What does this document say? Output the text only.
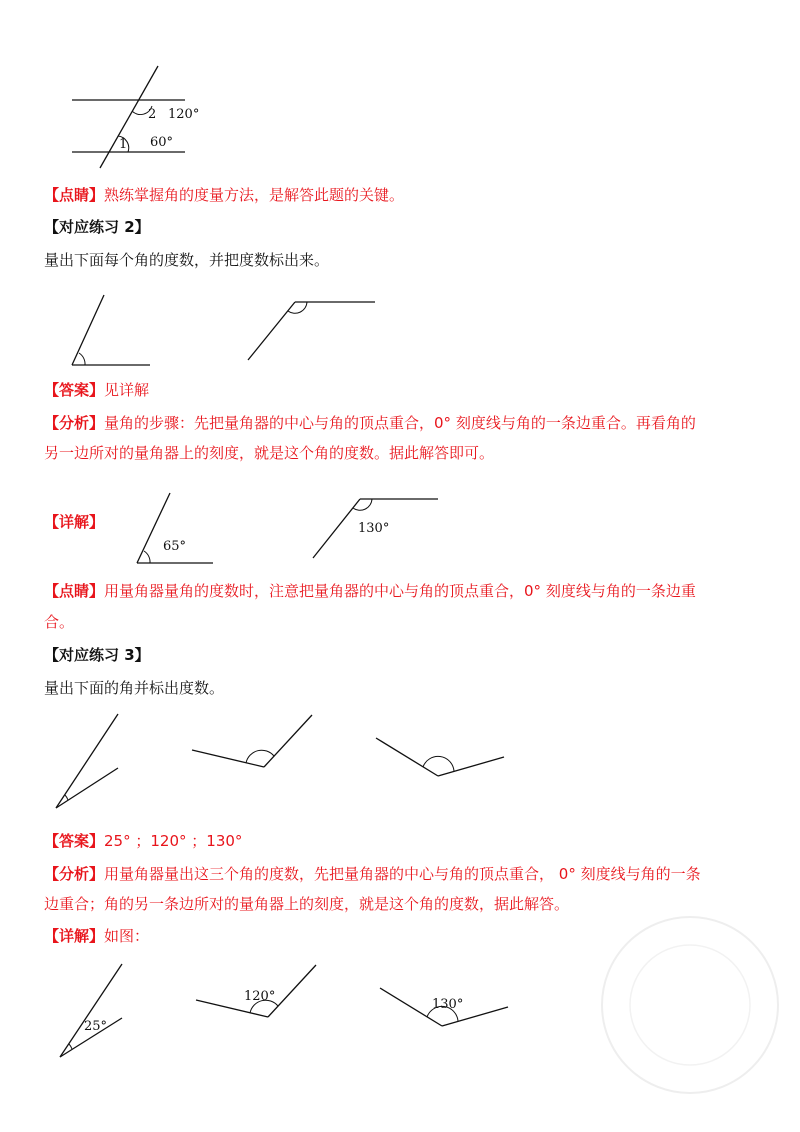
2 120°
1 60°
【点睛】熟练掌握角的度量方法，是解答此题的关键。
【对应练习 2】
量出下面每个角的度数，并把度数标出来。
【答案】见详解
【分析】量角的步骤：先把量角器的中心与角的顶点重合，0° 刻度线与角的一条边重合。再看角的
另一边所对的量角器上的刻度，就是这个角的度数。据此解答即可。
【详解】
65°
130°
【点睛】用量角器量角的度数时，注意把量角器的中心与角的顶点重合，0° 刻度线与角的一条边重
合。
【对应练习 3】
量出下面的角并标出度数。
【答案】25° ；120° ；130°
【分析】用量角器量出这三个角的度数，先把量角器的中心与角的顶点重合， 0° 刻度线与角的一条
边重合；角的另一条边所对的量角器上的刻度，就是这个角的度数，据此解答。
【详解】如图：
25°
120°
130°
